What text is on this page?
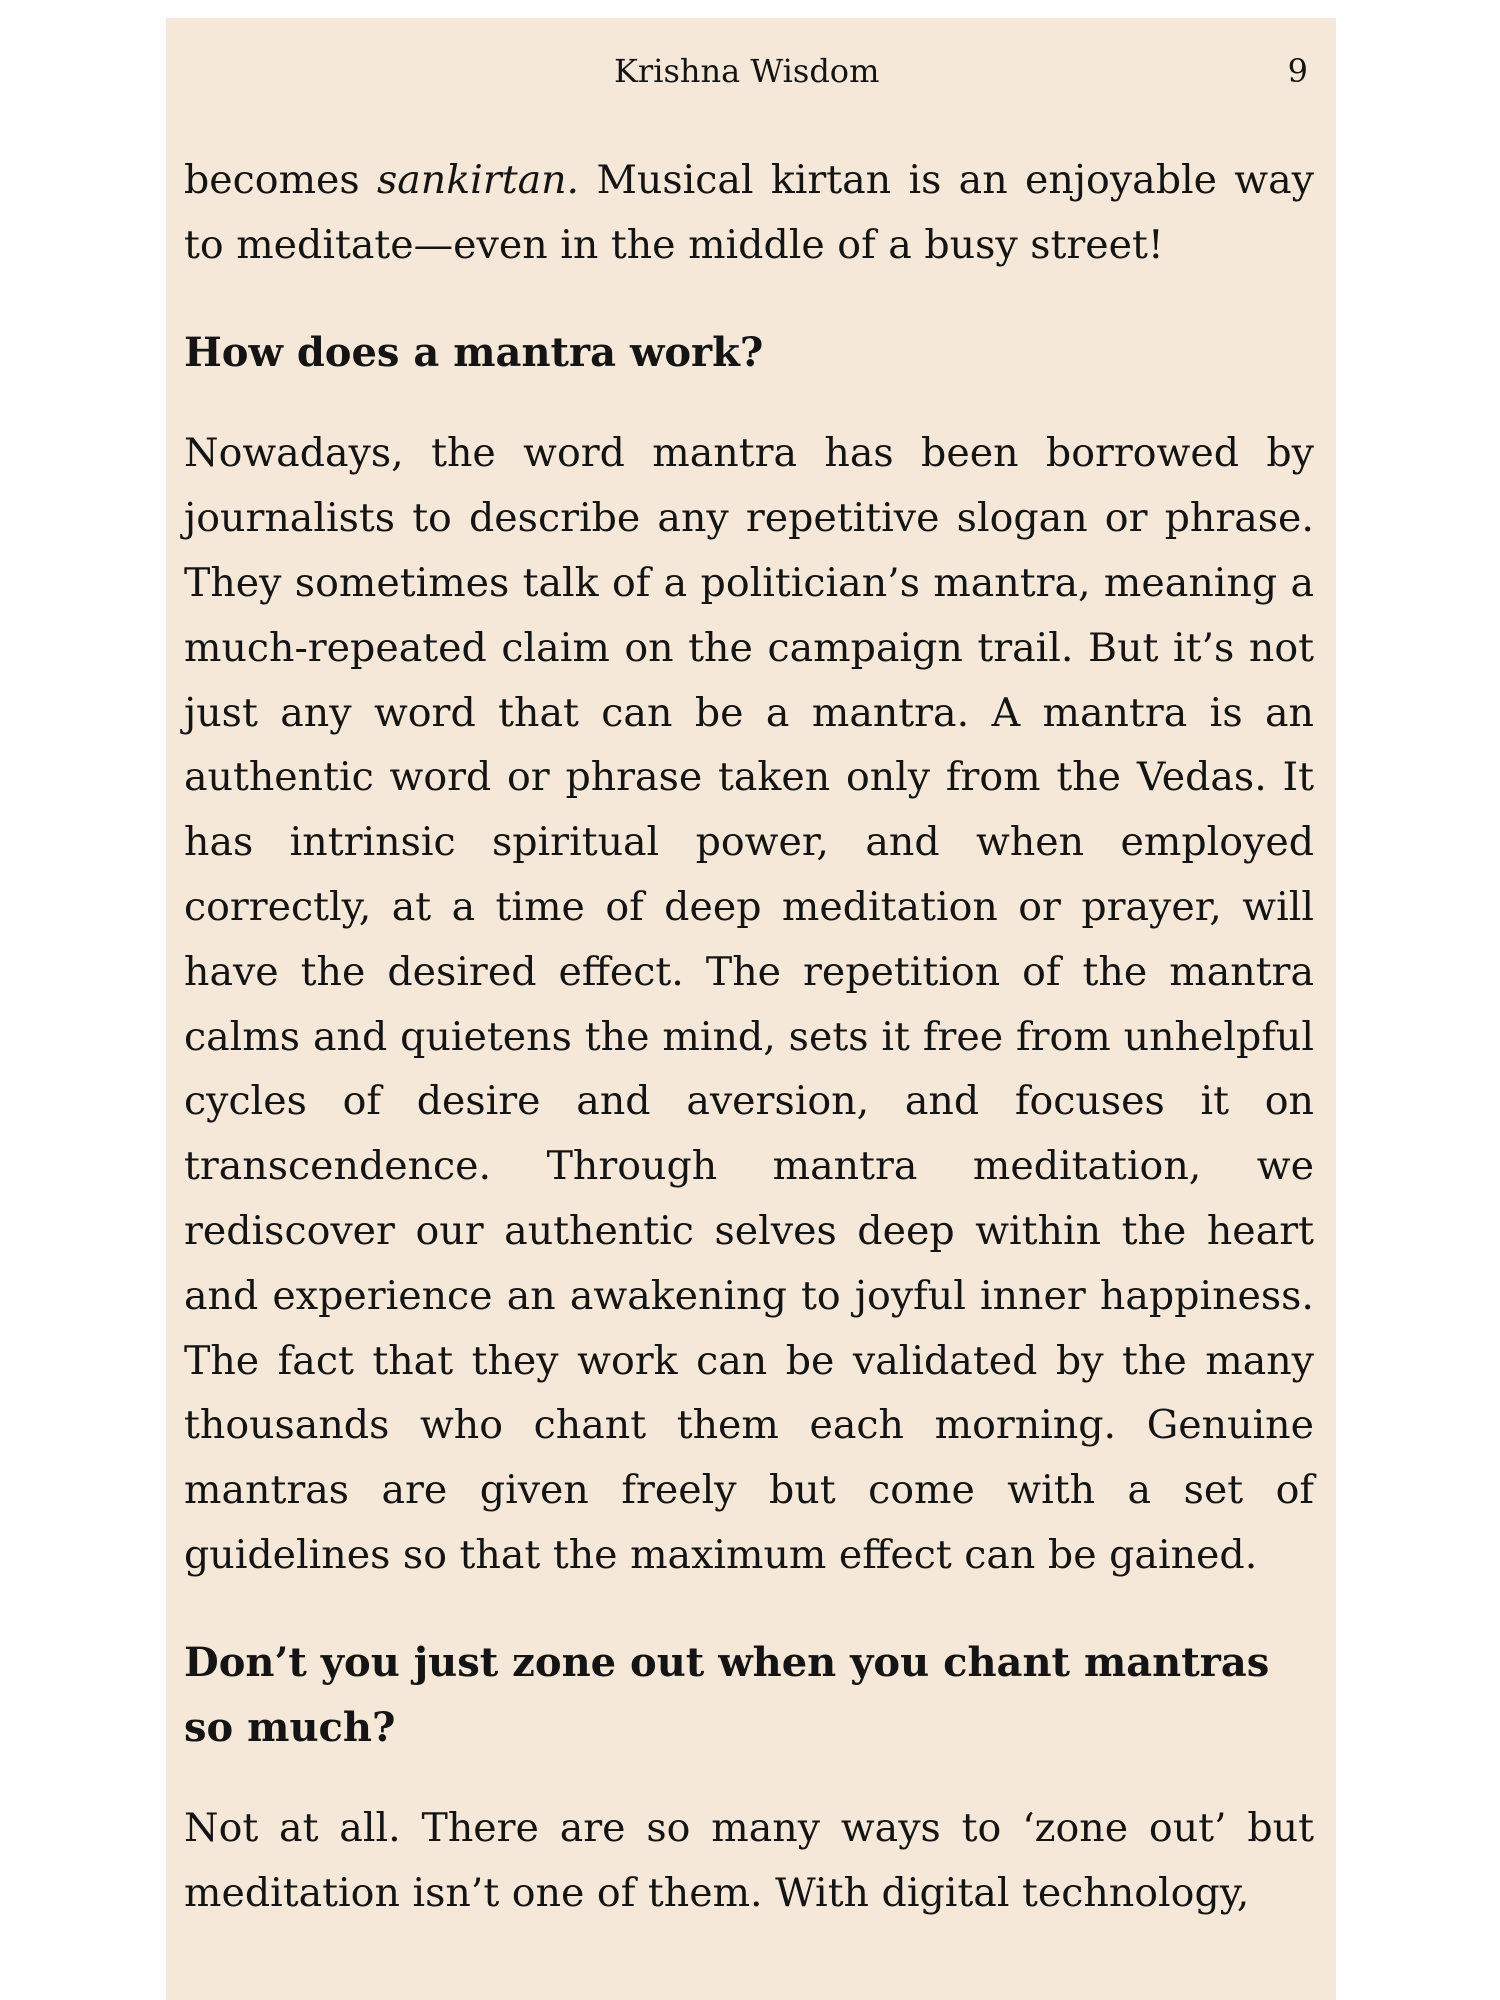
Krishna Wisdom	9

becomes sankirtan. Musical kirtan is an enjoyable way to meditate—even in the middle of a busy street!

How does a mantra work?

Nowadays, the word mantra has been borrowed by journalists to describe any repetitive slogan or phrase. They sometimes talk of a politician’s mantra, meaning a much-repeated claim on the campaign trail. But it’s not just any word that can be a mantra. A mantra is an authentic word or phrase taken only from the Vedas. It has intrinsic spiritual power, and when employed correctly, at a time of deep meditation or prayer, will have the desired effect. The repetition of the mantra calms and quietens the mind, sets it free from unhelpful cycles of desire and aversion, and focuses it on transcendence. Through mantra meditation, we rediscover our authentic selves deep within the heart and experience an awakening to joyful inner happiness. The fact that they work can be validated by the many thousands who chant them each morning. Genuine mantras are given freely but come with a set of guidelines so that the maximum effect can be gained.

Don’t you just zone out when you chant mantras so much?

Not at all. There are so many ways to ‘zone out’ but meditation isn’t one of them. With digital technology,
